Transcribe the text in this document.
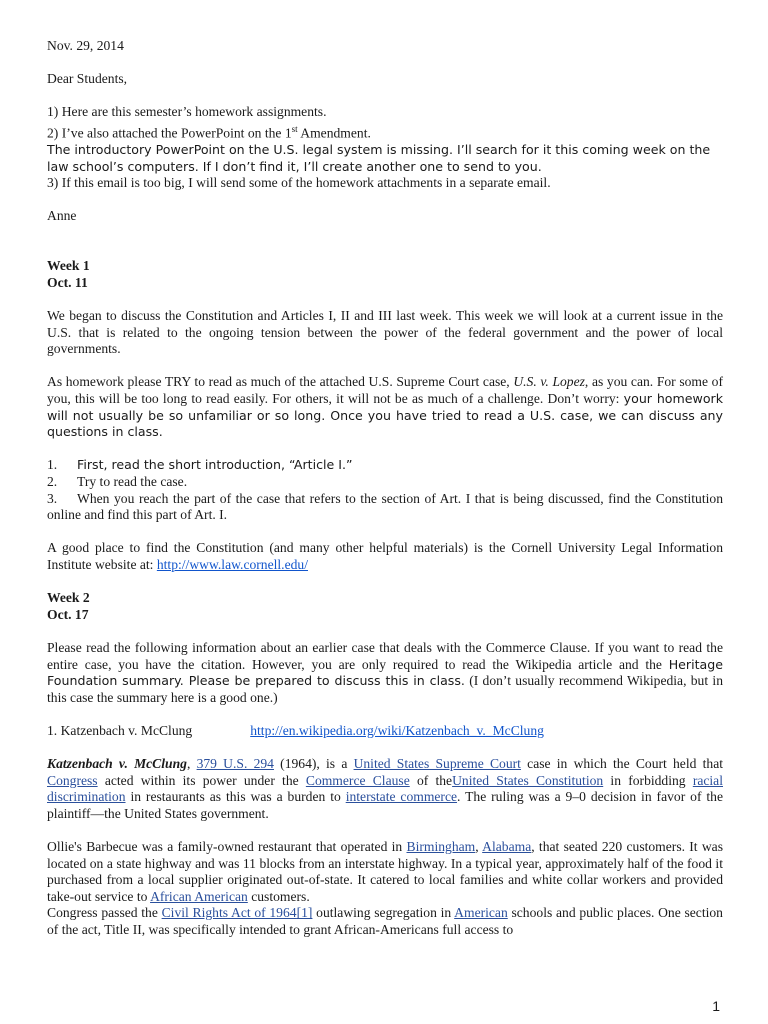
Nov. 29, 2014

Dear Students,

1) Here are this semester’s homework assignments.

2) I’ve also attached the PowerPoint on the 1st Amendment.

The introductory PowerPoint on the U.S. legal system is missing. I’ll search for it this coming week on the law school’s computers. If I don’t find it, I’ll create another one to send to you.

3) If this email is too big, I will send some of the homework attachments in a separate email.

Anne

Week 1

Oct. 11

We began to discuss the Constitution and Articles I, II and III last week. This week we will look at a current issue in the U.S. that is related to the ongoing tension between the power of the federal government and the power of local governments.

As homework please TRY to read as much of the attached U.S. Supreme Court case, U.S. v. Lopez, as you can. For some of you, this will be too long to read easily. For others, it will not be as much of a challenge. Don’t worry: your homework will not usually be so unfamiliar or so long. Once you have tried to read a U.S. case, we can discuss any questions in class.

1. First, read the short introduction, “Article I.”

2. Try to read the case.

3. When you reach the part of the case that refers to the section of Art. I that is being discussed, find the Constitution online and find this part of Art. I.

A good place to find the Constitution (and many other helpful materials) is the Cornell University Legal Information Institute website at: http://www.law.cornell.edu/

Week 2

Oct. 17

Please read the following information about an earlier case that deals with the Commerce Clause. If you want to read the entire case, you have the citation. However, you are only required to read the Wikipedia article and the Heritage Foundation summary. Please be prepared to discuss this in class. (I don’t usually recommend Wikipedia, but in this case the summary here is a good one.)

1. Katzenbach v. McClung	http://en.wikipedia.org/wiki/Katzenbach_v._McClung

Katzenbach v. McClung, 379 U.S. 294 (1964), is a United States Supreme Court case in which the Court held that Congress acted within its power under the Commerce Clause of theUnited States Constitution in forbidding racial discrimination in restaurants as this was a burden to interstate commerce. The ruling was a 9–0 decision in favor of the plaintiff—the United States government.

Ollie's Barbecue was a family-owned restaurant that operated in Birmingham, Alabama, that seated 220 customers. It was located on a state highway and was 11 blocks from an interstate highway. In a typical year, approximately half of the food it purchased from a local supplier originated out-of-state. It catered to local families and white collar workers and provided take-out service to African American customers.

Congress passed the Civil Rights Act of 1964[1] outlawing segregation in American schools and public places. One section of the act, Title II, was specifically intended to grant African-Americans full access to

1
